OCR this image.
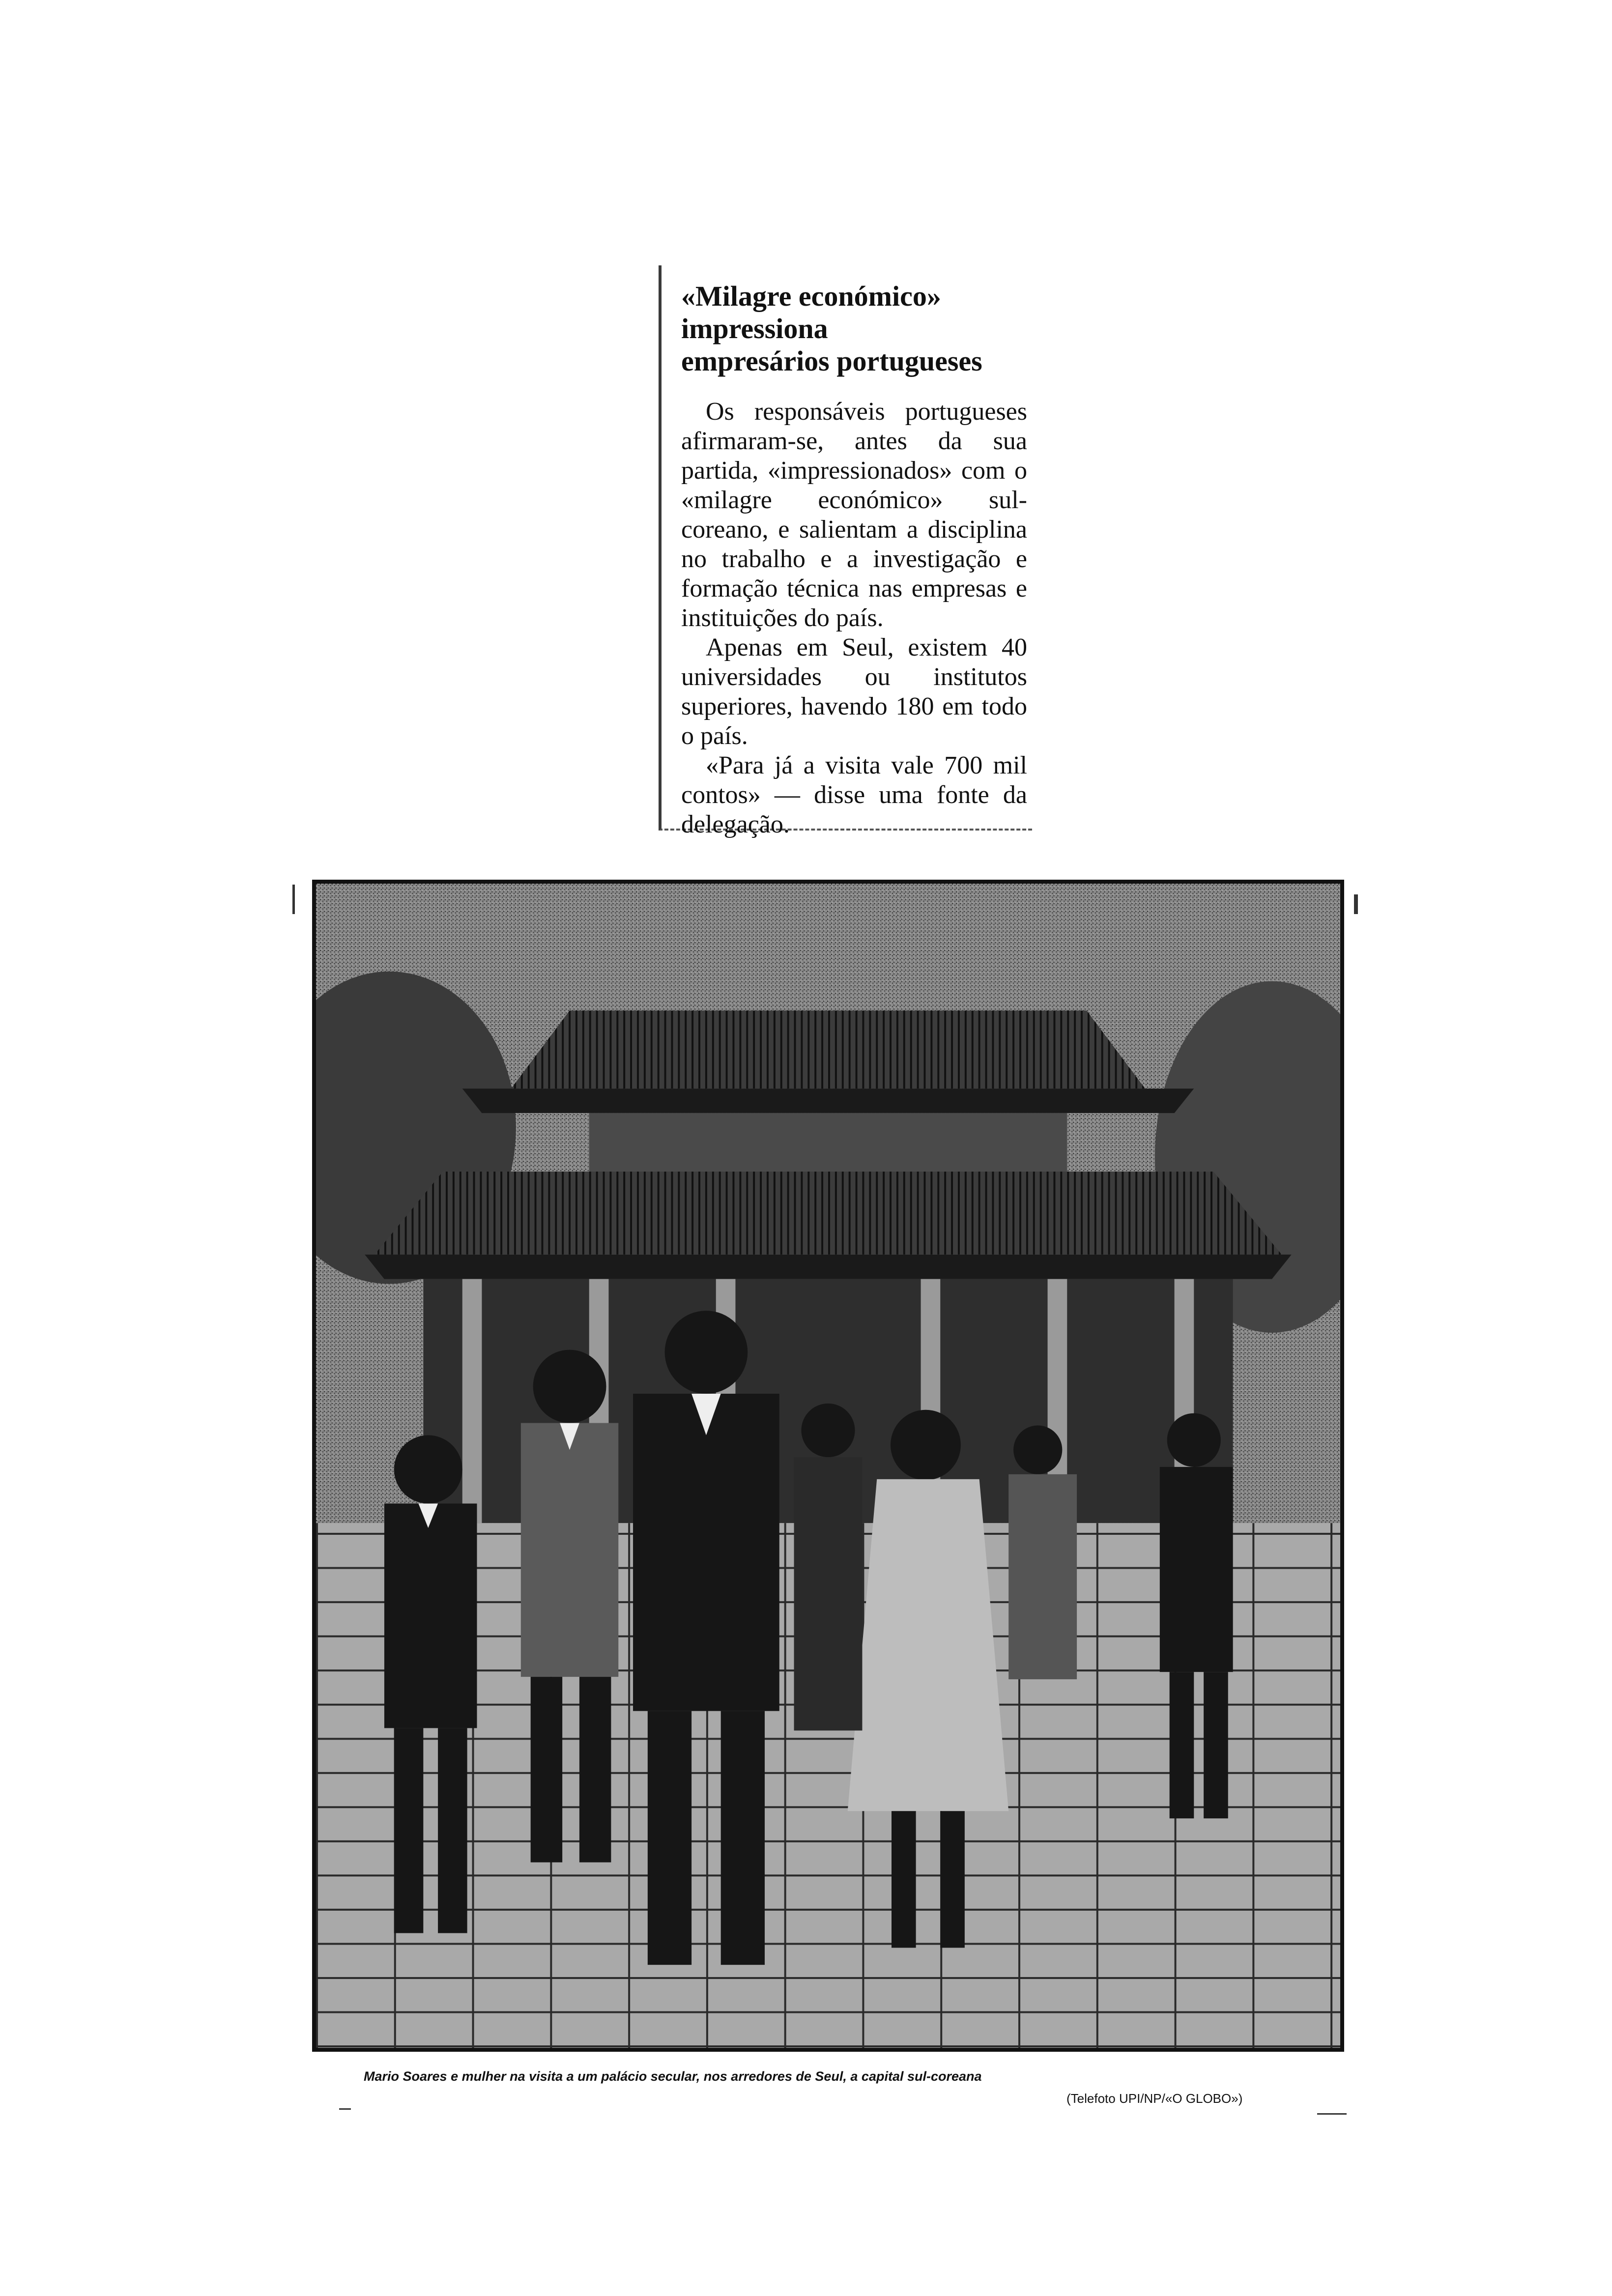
«Milagre económico»
impressiona
empresários portugueses

Os responsáveis portugueses afirmaram-se, antes da sua partida, «impressionados» com o «milagre económico» sul-coreano, e salientam a disciplina no trabalho e a investigação e formação técnica nas empresas e instituições do país.

Apenas em Seul, existem 40 universidades ou institutos superiores, havendo 180 em todo o país.

«Para já a visita vale 700 mil contos» — disse uma fonte da delegação.

Mario Soares e mulher na visita a um palácio secular, nos arredores de Seul, a capital sul-coreana
(Telefoto UPI/NP/«O GLOBO»)
